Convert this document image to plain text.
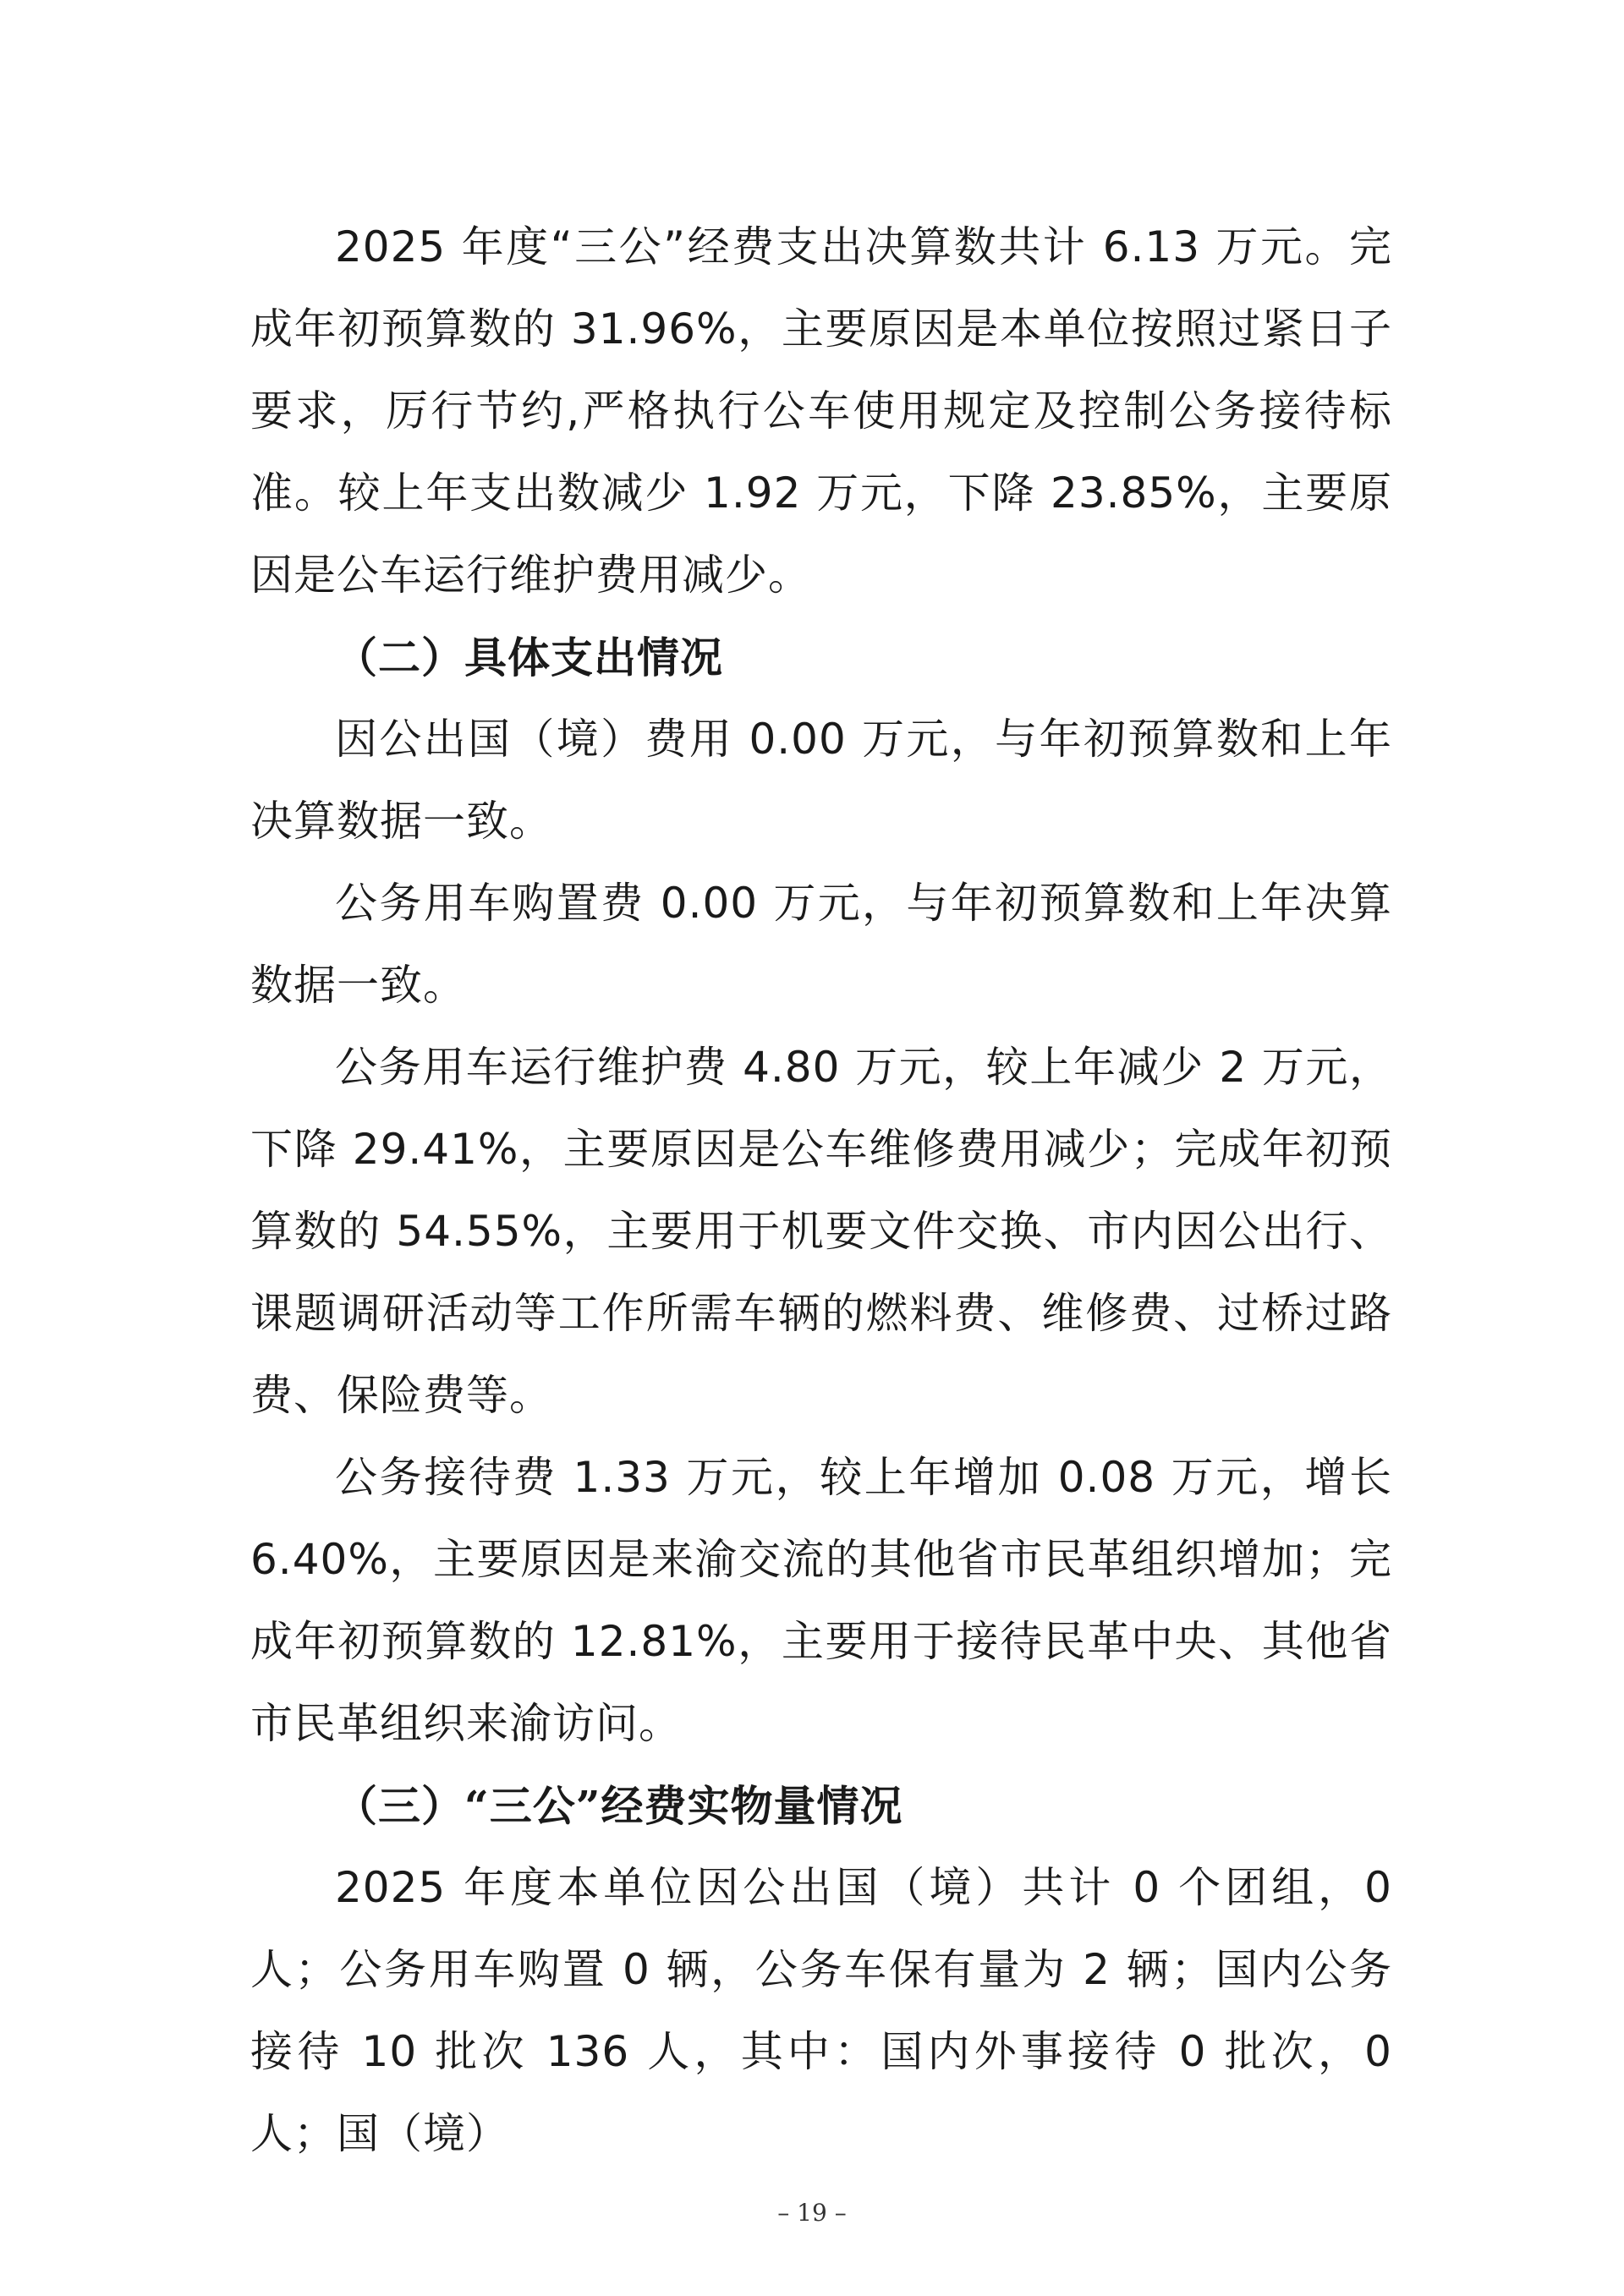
2025 年度“三公”经费支出决算数共计 6.13 万元。完成年初预算数的 31.96%，主要原因是本单位按照过紧日子要求，厉行节约,严格执行公车使用规定及控制公务接待标准。较上年支出数减少 1.92 万元，下降 23.85%，主要原因是公车运行维护费用减少。

（二）具体支出情况

因公出国（境）费用 0.00 万元，与年初预算数和上年决算数据一致。

公务用车购置费 0.00 万元，与年初预算数和上年决算数据一致。

公务用车运行维护费 4.80 万元，较上年减少 2 万元，下降 29.41%，主要原因是公车维修费用减少；完成年初预算数的 54.55%，主要用于机要文件交换、市内因公出行、课题调研活动等工作所需车辆的燃料费、维修费、过桥过路费、保险费等。

公务接待费 1.33 万元，较上年增加 0.08 万元，增长 6.40%，主要原因是来渝交流的其他省市民革组织增加；完成年初预算数的 12.81%，主要用于接待民革中央、其他省市民革组织来渝访问。

（三）“三公”经费实物量情况

2025 年度本单位因公出国（境）共计 0 个团组，0 人；公务用车购置 0 辆，公务车保有量为 2 辆；国内公务接待 10 批次 136 人，其中：国内外事接待 0 批次，0 人；国（境）

– 19 –
